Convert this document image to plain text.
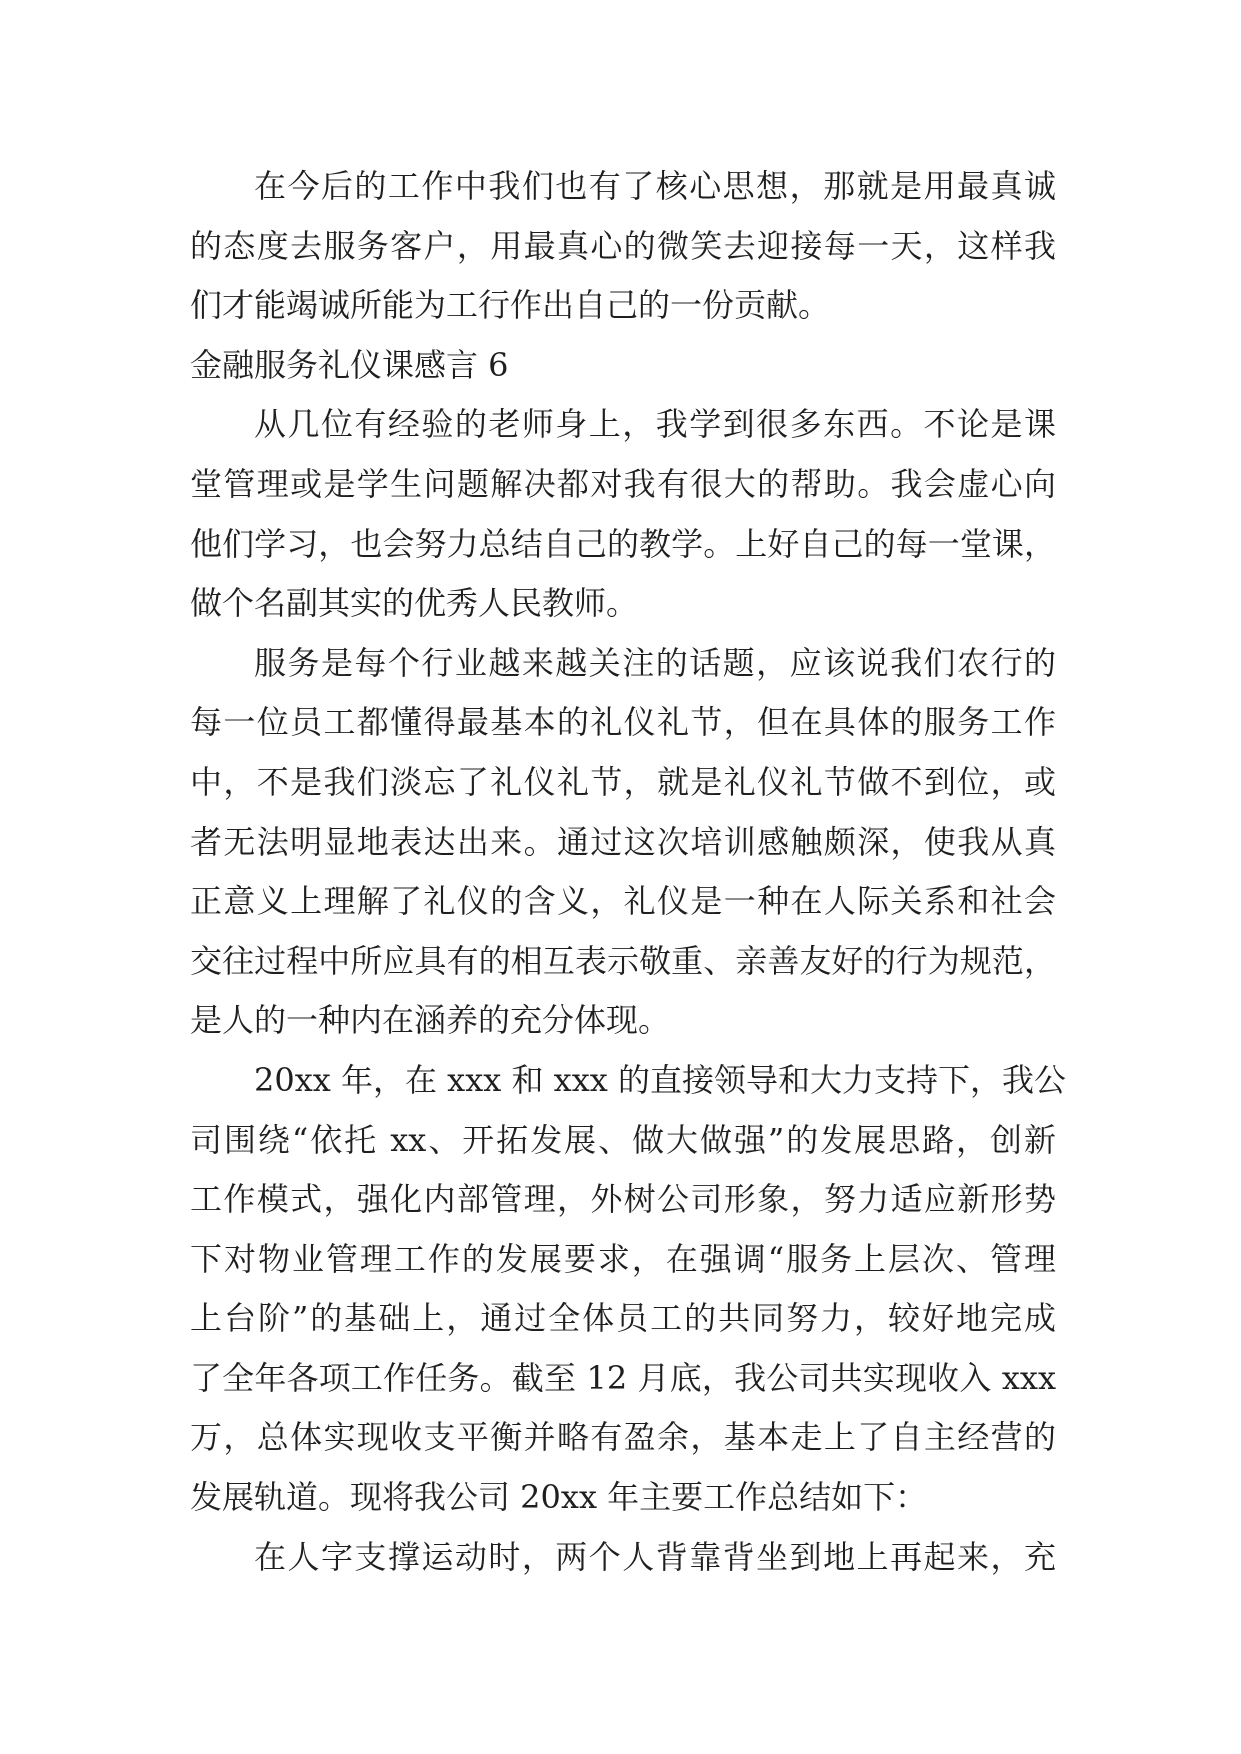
在今后的工作中我们也有了核心思想，那就是用最真诚
的态度去服务客户，用最真心的微笑去迎接每一天，这样我
们才能竭诚所能为工行作出自己的一份贡献。
金融服务礼仪课感言 6
从几位有经验的老师身上，我学到很多东西。不论是课
堂管理或是学生问题解决都对我有很大的帮助。我会虚心向
他们学习，也会努力总结自己的教学。上好自己的每一堂课，
做个名副其实的优秀人民教师。
服务是每个行业越来越关注的话题，应该说我们农行的
每一位员工都懂得最基本的礼仪礼节，但在具体的服务工作
中，不是我们淡忘了礼仪礼节，就是礼仪礼节做不到位，或
者无法明显地表达出来。通过这次培训感触颇深，使我从真
正意义上理解了礼仪的含义，礼仪是一种在人际关系和社会
交往过程中所应具有的相互表示敬重、亲善友好的行为规范，
是人的一种内在涵养的充分体现。
20xx 年，在 xxx 和 xxx 的直接领导和大力支持下，我公
司围绕“依托 xx、开拓发展、做大做强”的发展思路，创新
工作模式，强化内部管理，外树公司形象，努力适应新形势
下对物业管理工作的发展要求，在强调“服务上层次、管理
上台阶”的基础上，通过全体员工的共同努力，较好地完成
了全年各项工作任务。截至 12 月底，我公司共实现收入 xxx
万，总体实现收支平衡并略有盈余，基本走上了自主经营的
发展轨道。现将我公司 20xx 年主要工作总结如下：
在人字支撑运动时，两个人背靠背坐到地上再起来，充
